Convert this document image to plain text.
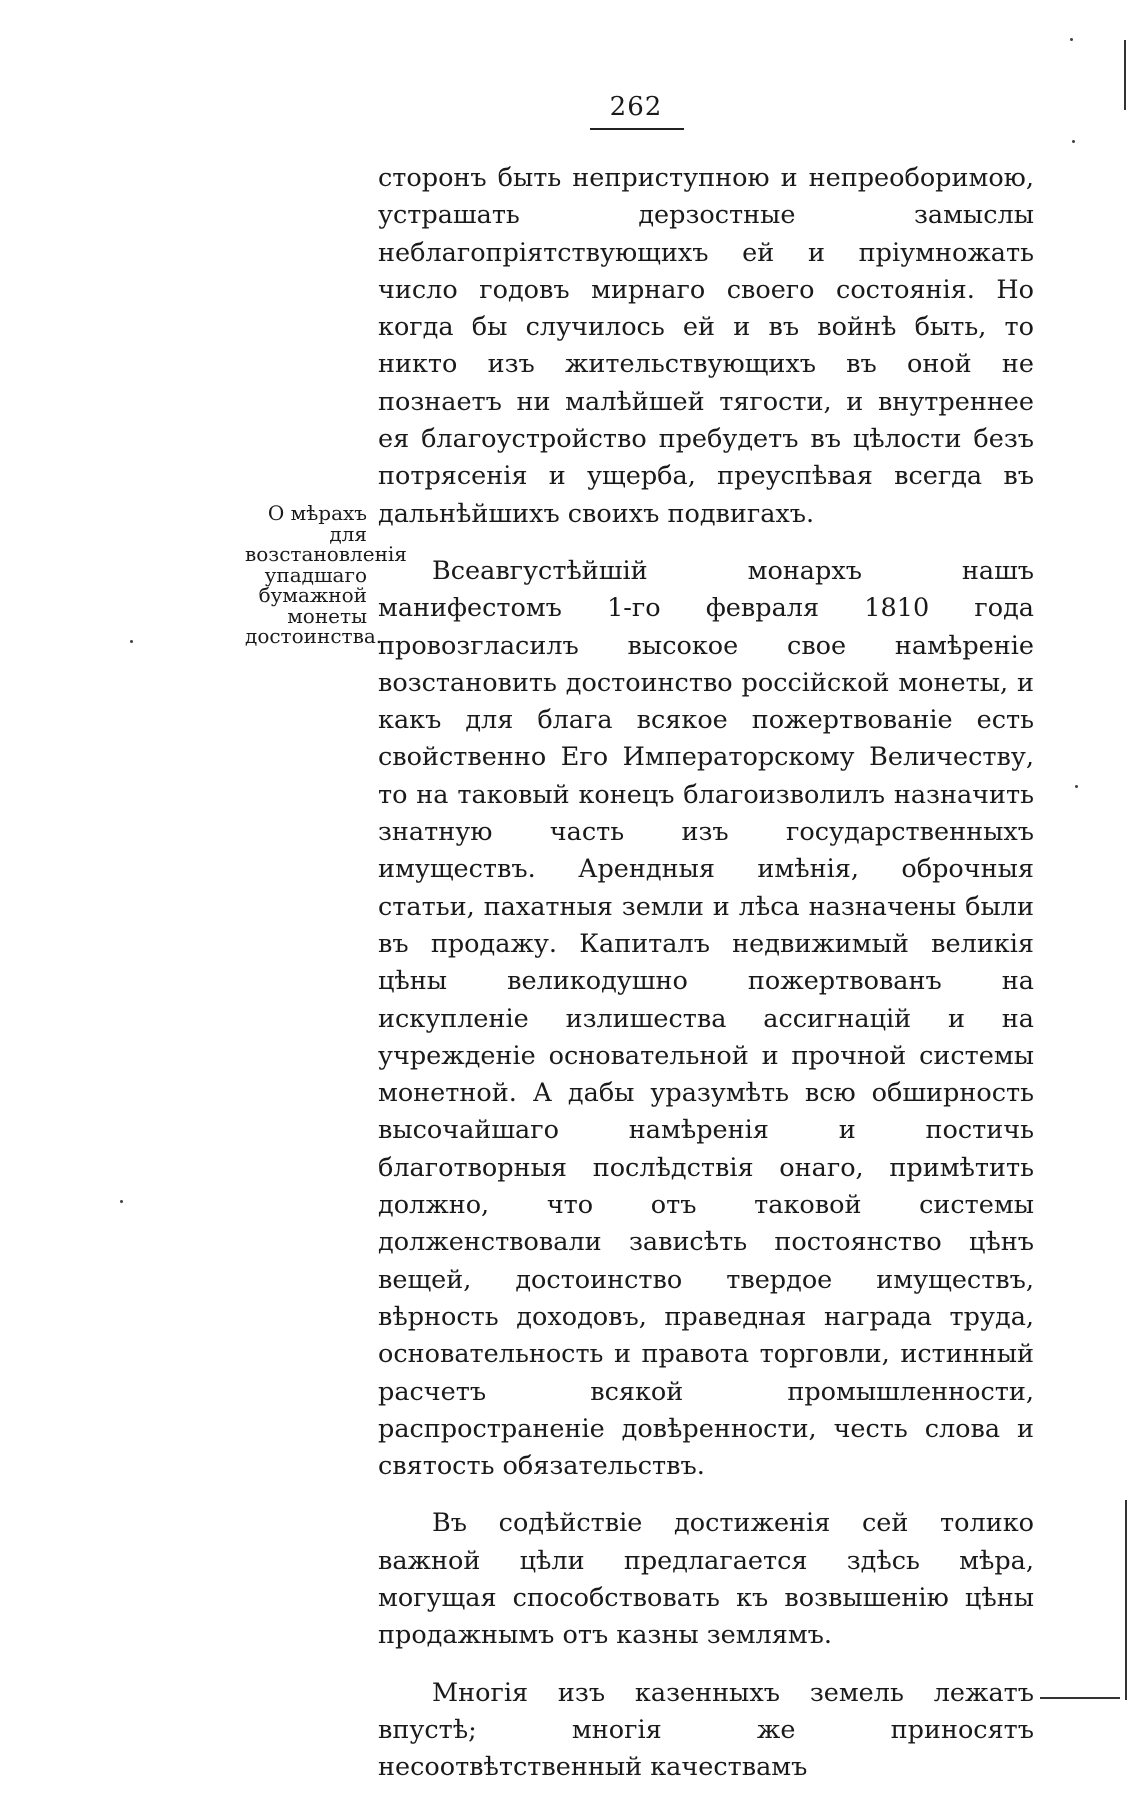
262
О мѣрахъ для возстановленія упадшаго бумажной монеты достоинства.

сторонъ быть неприступною и непреоборимою, устрашать дерзостные замыслы неблагопріятствующихъ ей и пріумножать число годовъ мирнаго своего состоянія. Но когда бы случилось ей и въ войнѣ быть, то никто изъ жительствующихъ въ оной не познаетъ ни малѣйшей тягости, и внутреннее ея благоустройство пребудетъ въ цѣлости безъ потрясенія и ущерба, преуспѣвая всегда въ дальнѣйшихъ своихъ подвигахъ.

Всеавгустѣйшій монархъ нашъ манифестомъ 1-го февраля 1810 года провозгласилъ высокое свое намѣреніе возстановить достоинство россійской монеты, и какъ для блага всякое пожертвованіе есть свойственно Его Императорскому Величеству, то на таковый конецъ благоизволилъ назначить знатную часть изъ государственныхъ имуществъ. Арендныя имѣнія, оброчныя статьи, пахатныя земли и лѣса назначены были въ продажу. Капиталъ недвижимый великія цѣны великодушно пожертвованъ на искупленіе излишества ассигнацій и на учрежденіе основательной и прочной системы монетной. А дабы уразумѣть всю обширность высочайшаго намѣренія и постичь благотворныя послѣдствія онаго, примѣтить должно, что отъ таковой системы долженствовали зависѣть постоянство цѣнъ вещей, достоинство твердое имуществъ, вѣрность доходовъ, праведная награда труда, основательность и правота торговли, истинный расчетъ всякой промышленности, распространеніе довѣренности, честь слова и святость обязательствъ.

Въ содѣйствіе достиженія сей толико важной цѣли предлагается здѣсь мѣра, могущая способствовать къ возвышенію цѣны продажнымъ отъ казны землямъ.

Многія изъ казенныхъ земель лежатъ впустѣ; многія же приносятъ несоотвѣтственный качествамъ
